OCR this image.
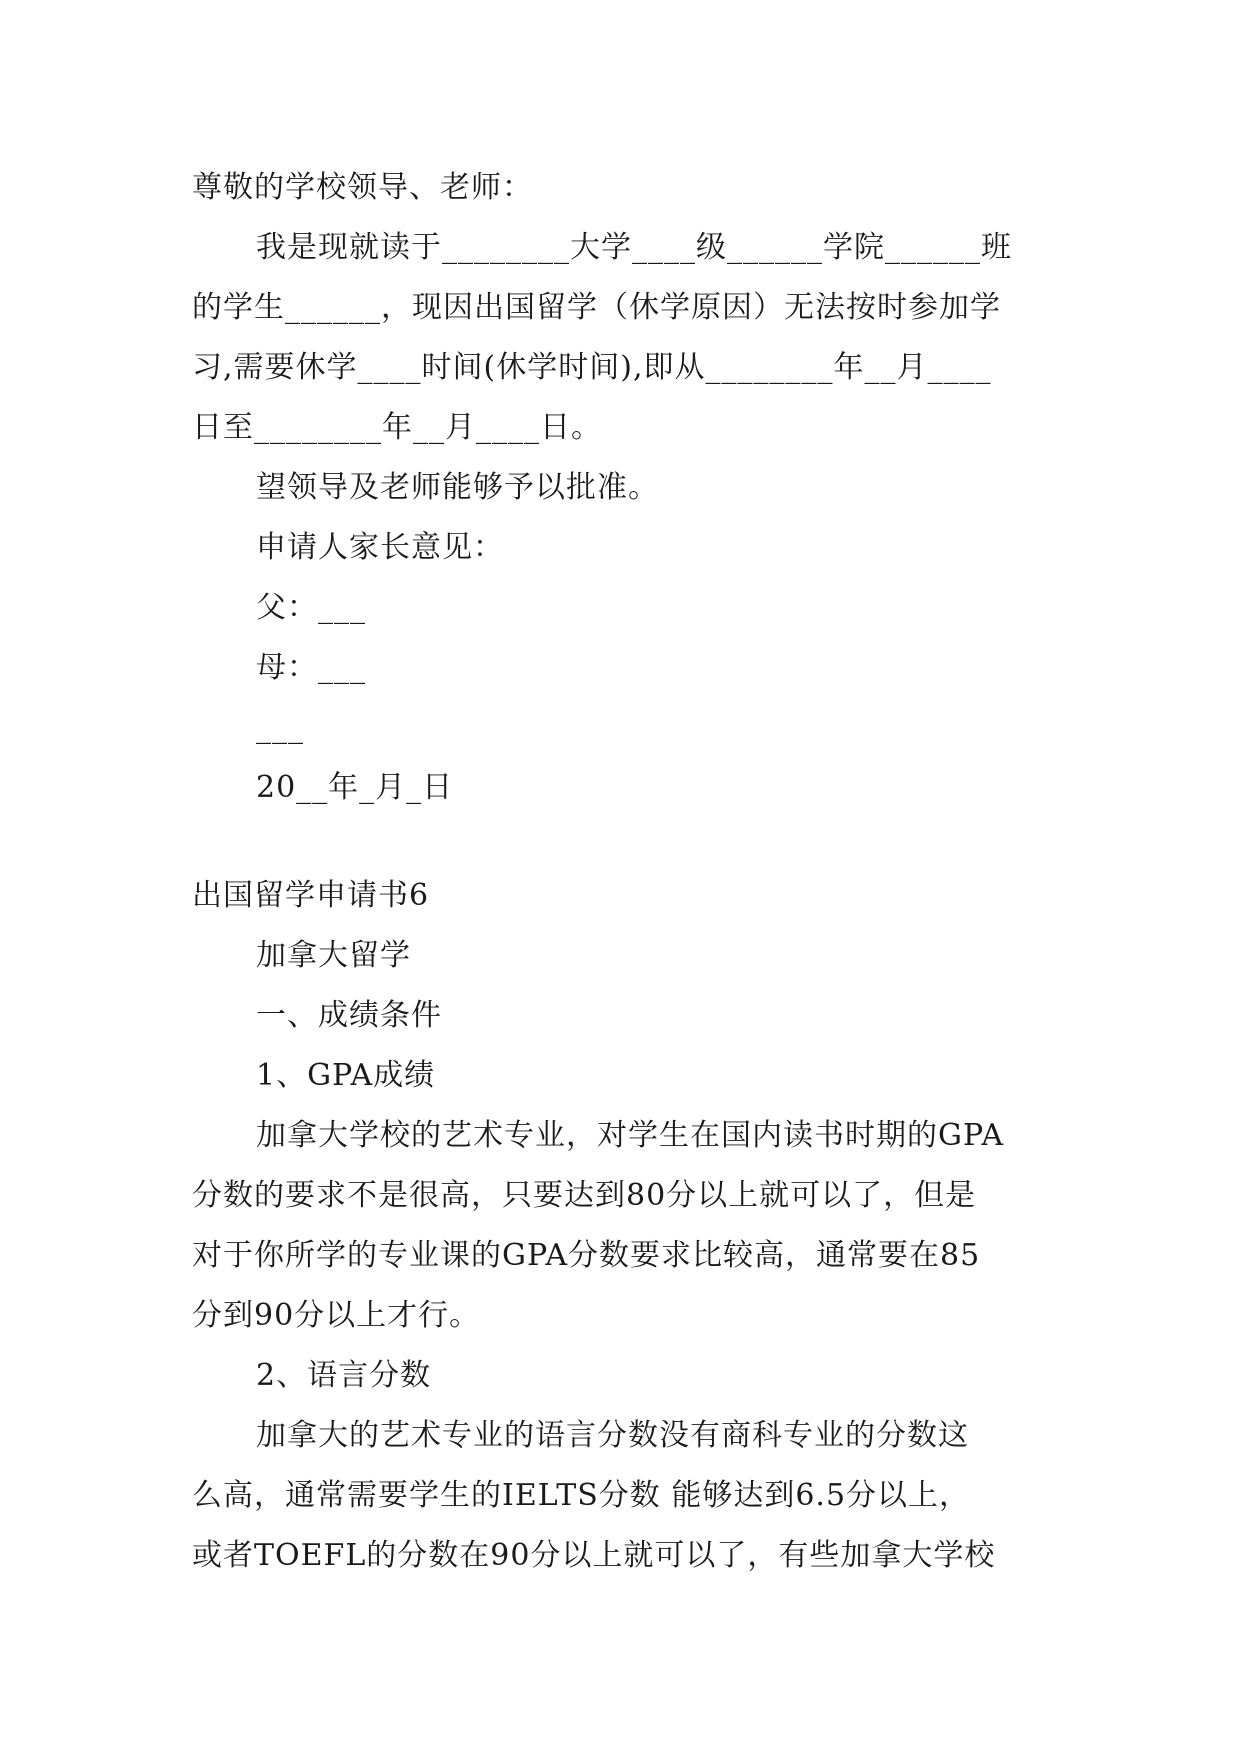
尊敬的学校领导、老师：
我是现就读于________大学____级______学院______班
的学生______，现因出国留学（休学原因）无法按时参加学
习,需要休学____时间(休学时间),即从________年__月____
日至________年__月____日。
望领导及老师能够予以批准。
申请人家长意见：
父：___
母：___
___
20__年_月_日
出国留学申请书6
加拿大留学
一、成绩条件
1、GPA成绩
加拿大学校的艺术专业，对学生在国内读书时期的GPA
分数的要求不是很高，只要达到80分以上就可以了，但是
对于你所学的专业课的GPA分数要求比较高，通常要在85
分到90分以上才行。
2、语言分数
加拿大的艺术专业的语言分数没有商科专业的分数这
么高，通常需要学生的IELTS分数 能够达到6.5分以上，
或者TOEFL的分数在90分以上就可以了，有些加拿大学校
